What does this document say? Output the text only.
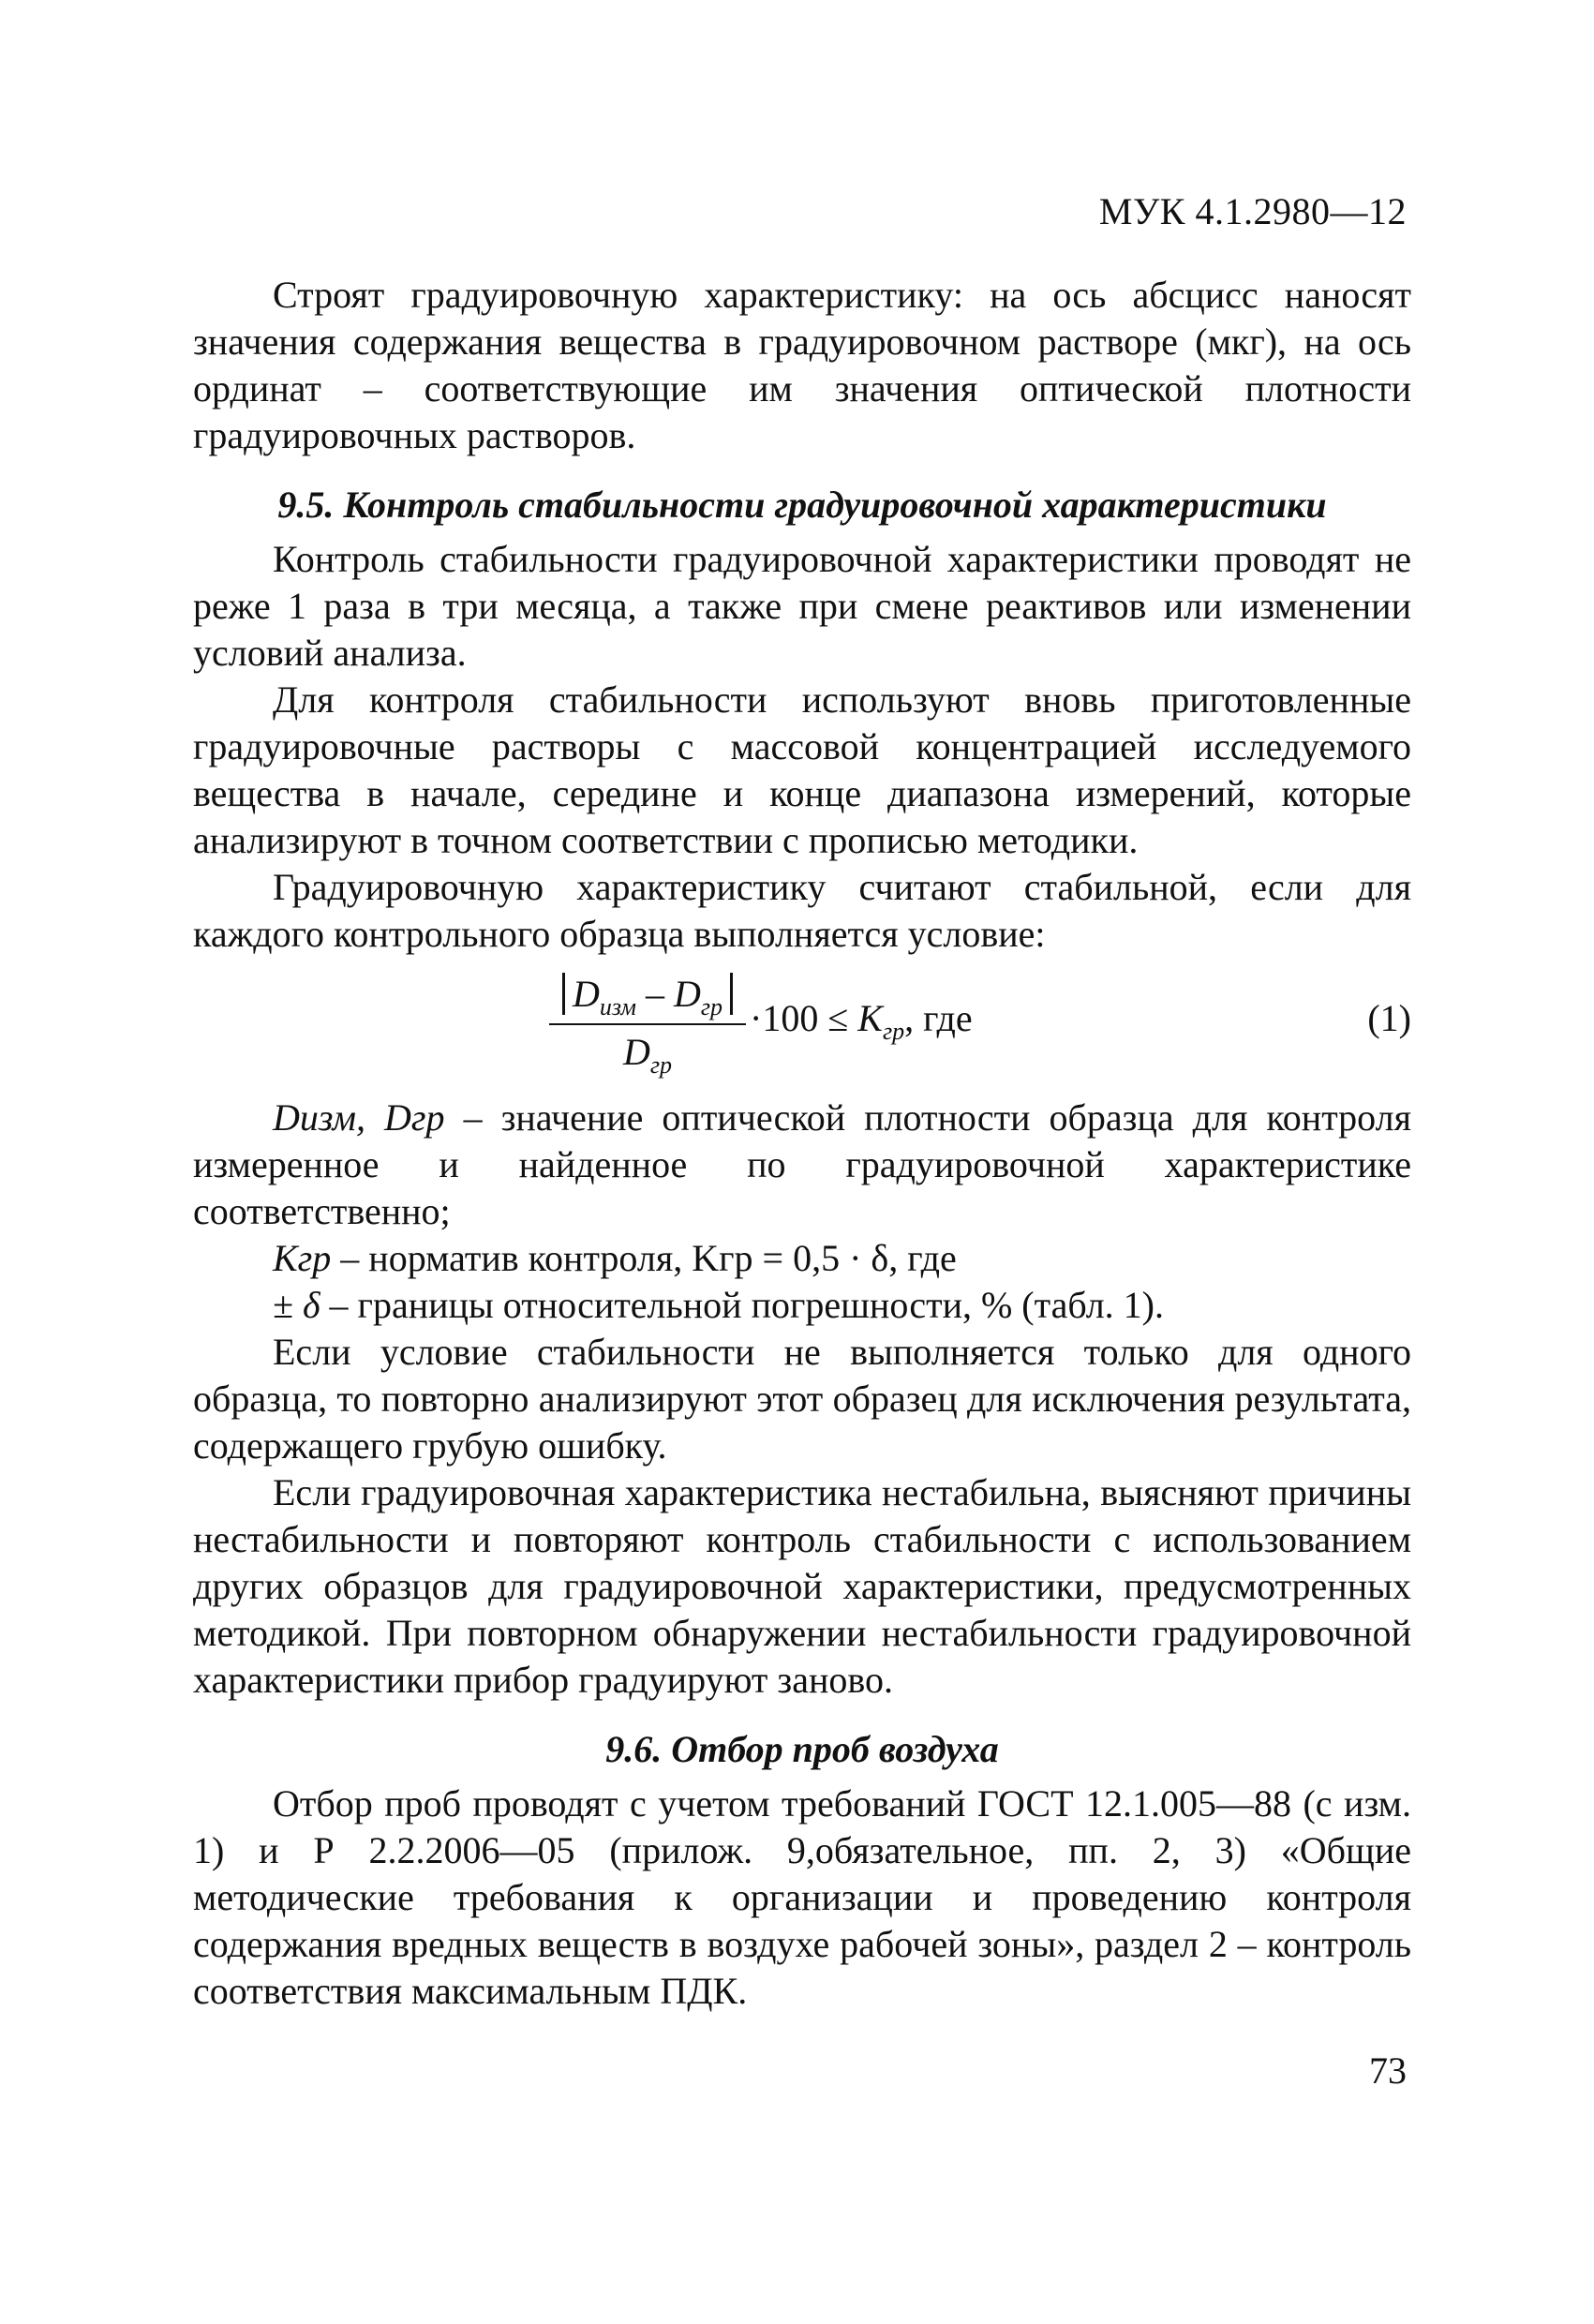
МУК 4.1.2980—12

Строят градуировочную характеристику: на ось абсцисс наносят значения содержания вещества в градуировочном растворе (мкг), на ось ординат – соответствующие им значения оптической плотности градуировочных растворов.

9.5. Контроль стабильности градуировочной характеристики

Контроль стабильности градуировочной характеристики проводят не реже 1 раза в три месяца, а также при смене реактивов или изменении условий анализа.

Для контроля стабильности используют вновь приготовленные градуировочные растворы с массовой концентрацией исследуемого вещества в начале, середине и конце диапазона измерений, которые анализируют в точном соответствии с прописью методики.

Градуировочную характеристику считают стабильной, если для каждого контрольного образца выполняется условие:

$D_{изм} - D_{гр}$
$D_{гр}$
$\cdot 100 \le K_{гр}$, где	(1)

Dизм, Dгр – значение оптической плотности образца для контроля измеренное и найденное по градуировочной характеристике соответственно;

Kгр – норматив контроля, Kгр = 0,5 · δ, где

± δ – границы относительной погрешности, % (табл. 1).

Если условие стабильности не выполняется только для одного образца, то повторно анализируют этот образец для исключения результата, содержащего грубую ошибку.

Если градуировочная характеристика нестабильна, выясняют причины нестабильности и повторяют контроль стабильности с использованием других образцов для градуировочной характеристики, предусмотренных методикой. При повторном обнаружении нестабильности градуировочной характеристики прибор градуируют заново.

9.6. Отбор проб воздуха

Отбор проб проводят с учетом требований ГОСТ 12.1.005—88 (с изм. 1) и Р 2.2.2006—05 (прилож. 9,обязательное, пп. 2, 3) «Общие методические требования к организации и проведению контроля содержания вредных веществ в воздухе рабочей зоны», раздел 2 – контроль соответствия максимальным ПДК.

73
